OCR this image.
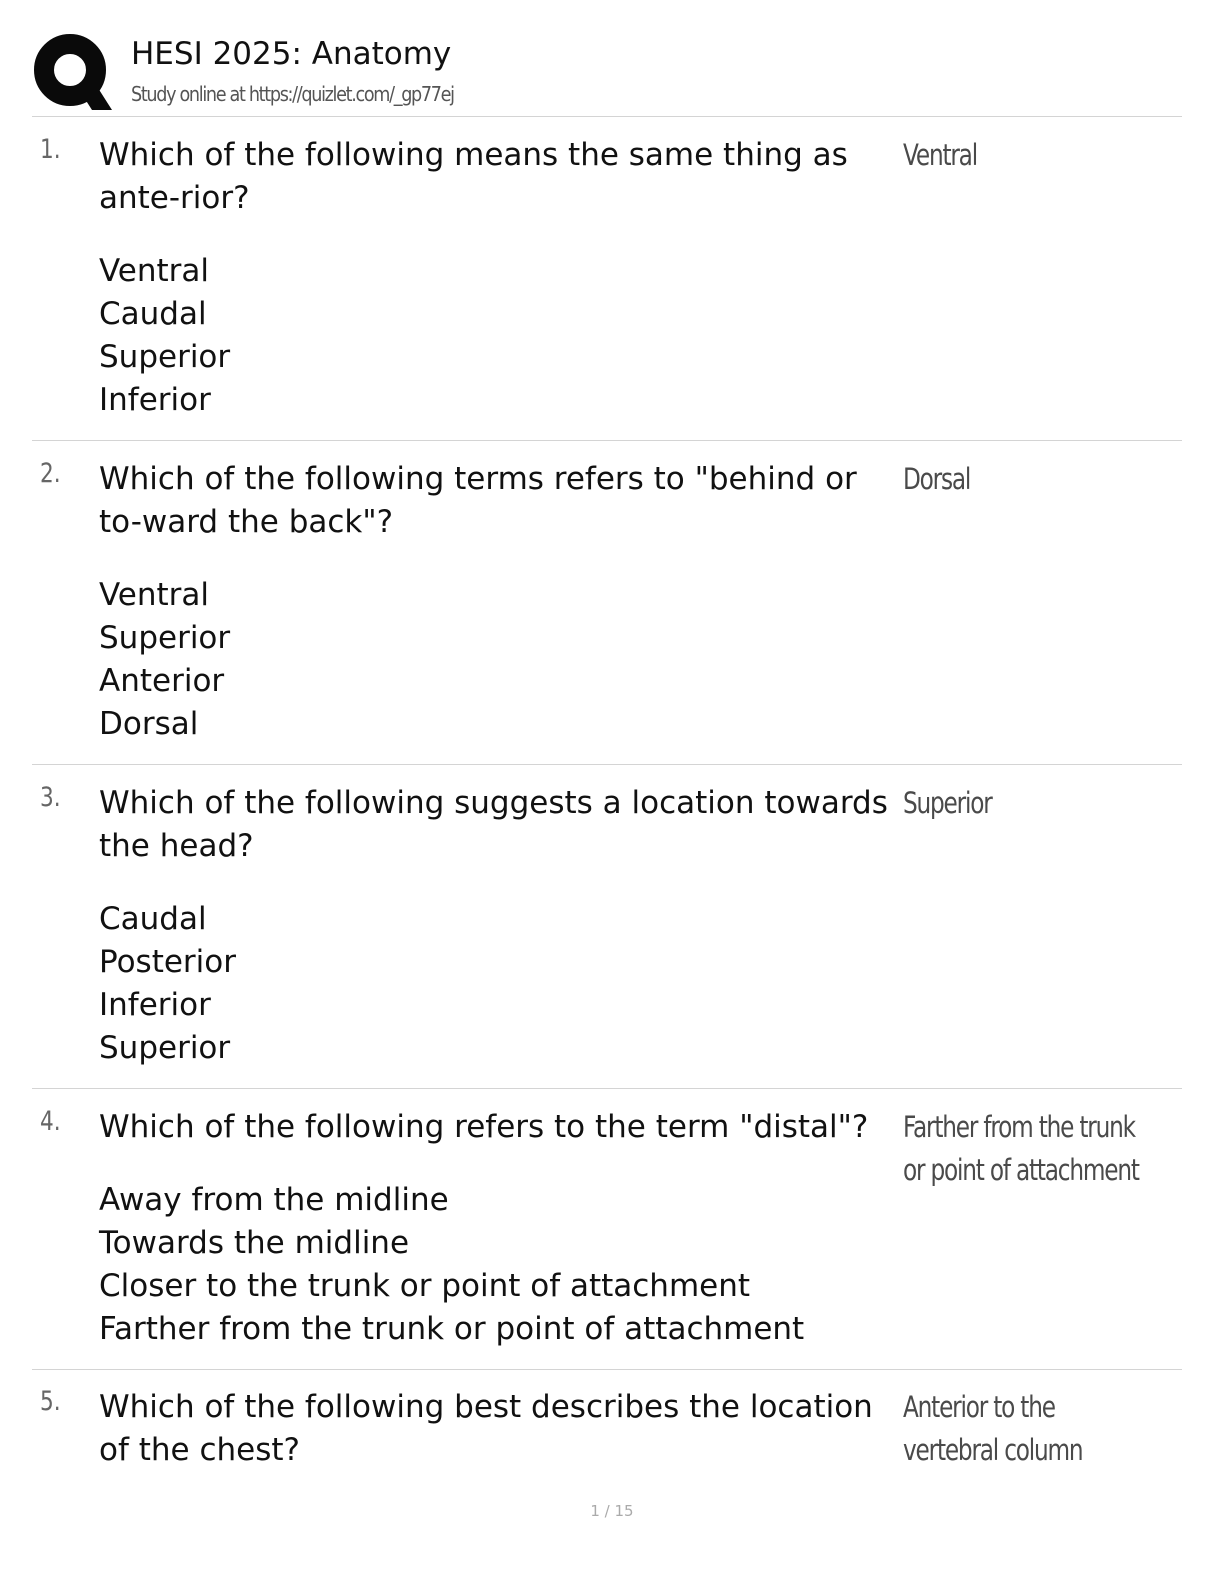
HESI 2025: Anatomy
Study online at https://quizlet.com/_gp77ej
1. Which of the following means the same thing as ante-rior?
Ventral
Ventral
Caudal
Superior
Inferior
2. Which of the following terms refers to "behind or to-ward the back"?
Dorsal
Ventral
Superior
Anterior
Dorsal
3. Which of the following suggests a location towards the head?
Superior
Caudal
Posterior
Inferior
Superior
4. Which of the following refers to the term "distal"?	Farther from the trunk or point of attachment
Away from the midline
Towards the midline
Closer to the trunk or point of attachment
Farther from the trunk or point of attachment
5. Which of the following best describes the location of the chest?
Anterior to the vertebral column
1 / 15
